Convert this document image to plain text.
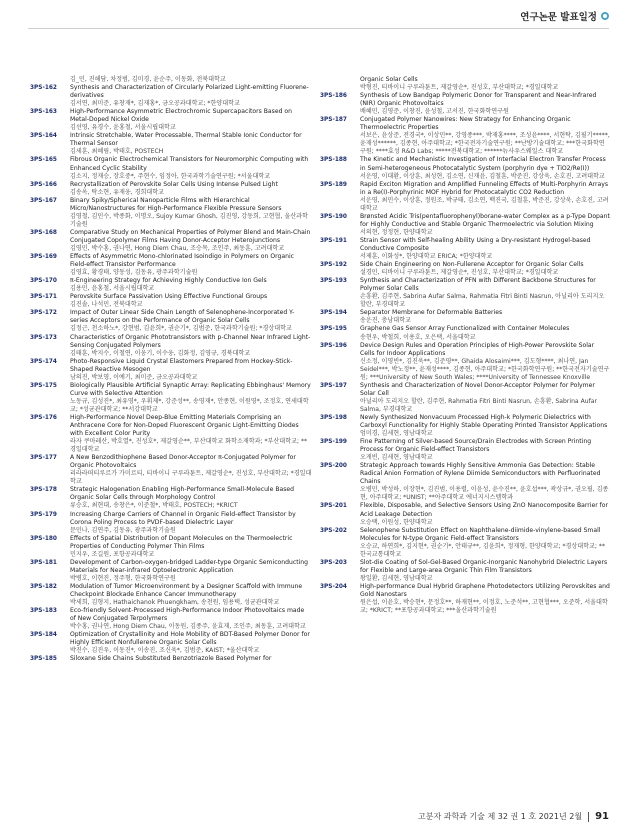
연구논문 발표일정
김_민, 진해담, 차정범, 김미경, 윤순주, 이동화, 전북대학교
3PS-162	Synthesis and Characterization of Circularly Polarized Light-emitting Fluorene-derivatives
김서연, 최미준, 유창재*, 김재홍*, 금오공과대학교; *한양대학교
3PS-163	High-Performance Asymmetric Electrochromic Supercapacitors Based on Metal-Doped Nickel Oxide
김선영, 유경수, 윤홍철, 서울시립대학교
3PS-164	Intrinsic Stretchable, Water Processable, Thermal Stable Ionic Conductor for Thermal Sensor
김세훈, 최혜림, 박태호, POSTECH
3PS-165	Fibrous Organic Electrochemical Transistors for Neuromorphic Computing with Enhanced Cyclic Stability
김소지, 정재승, 장호중*, 주현수, 임정아, 한국과학기술연구원; *서울대학교
3PS-166	Recrystallization of Perovskite Solar Cells Using Intense Pulsed Light
김송옥, 탁소현, 유재웅, 경희대학교
3PS-167	Binary Spiky/Spherical Nanoparticle Films with Hierarchical Micro/Nanostructures for High-Performance Flexible Pressure Sensors
김영철, 김민수, 박종화, 이명오, Sujoy Kumar Ghosh, 김진영, 강동희, 고현협, 울산과학기술원
3PS-168	Comparative Study on Mechanical Properties of Polymer Blend and Main-Chain Conjugated Copolymer Films Having Donor-Acceptor Heterojunctions
김영민, 박수홍, 권나연, Hong Diem Chau, 조승목, 조인주, 최동훈, 고려대학교
3PS-169	Effects of Asymmetric Mono-chlorinated Isoindigo in Polymers on Organic Field-effect Transistor Performance
김영효, 황경태, 양동성, 김동유, 광주과학기술원
3PS-170	π-Engineering Strategy for Achieving Highly Conductive Ion Gels
김용민, 윤홍철, 서울시립대학교
3PS-171	Perovskite Surface Passivation Using Effective Functional Groups
김진솔, 나석민, 전북대학교
3PS-172	Impact of Outer Linear Side Chain Length of Selenophene-Incorporated Y-series Acceptors on the Performance of Organic Solar Cells
김정근, 천소하노*, 강현범, 김윤희*, 권순기*, 김범준, 한국과학기술원; *경상대학교
3PS-173	Characteristics of Organic Phototransistors with p-Channel Near Infrared Light-Sensing Conjugated Polymers
김태훈, 박지수, 이철연, 이웅기, 이수웅, 김화정, 김영규, 경북대학교
3PS-174	Photo-Responsive Liquid Crystal Elastomers Prepared from Hockey-Stick-Shaped Reactive Mesogen
남의진, 박보영, 이예기, 최미준, 금오공과대학교
3PS-175	Biologically Plausible Artificial Synaptic Array: Replicating Ebbinghaus' Memory Curve with Selective Attention
노동규, 김성진*, 최유영*, 우휘제*, 강준성**, 송영재*, 안종현, 이원영*, 조정호, 연세대학교; *성균관대학교; **서강대학교
3PS-176	High-Performance Novel Deep-Blue Emitting Materials Comprising an Anthracene Core for Non-Doped Fluorescent Organic Light-Emitting Diodes with Excellent Color Purity
라자 쿠마레산, 박호열*, 진성호*, 제갈영순**, 부산대학교 화학소재학과; *부산대학교; **경일대학교
3PS-177	A New Benzodithiophene Based Donor-Acceptor π-Conjugated Polymer for Organic Photovoltaics
리라라떠티루르가 가미르티, 티바이니 구루라툰트, 제갈영순*, 진성호, 부산대학교; *경일대학교
3PS-178	Strategic Halogenation Enabling High-Performance Small-Molecule Based Organic Solar Cells through Morphology Control
류승호, 최현대, 송창은*, 이준철*, 박태호, POSTECH; *KRICT
3PS-179	Increasing Charge Carriers of Channel in Organic Field-effect Transistor by Corona Poling Process to PVDF-based Dielectric Layer
문민나, 김연주, 김동유, 광주과학기술원
3PS-180	Effects of Spatial Distribution of Dopant Molecules on the Thermoelectric Properties of Conducting Polymer Thin Films
민지우, 조길원, 포항공과대학교
3PS-181	Development of Carbon-oxygen-bridged Ladder-type Organic Semiconducting Materials for Near-infrared Optoelectronic Application
박병호, 이현진, 정주형, 한국화학연구원
3PS-182	Modulation of Tumor Microenvironment by a Designer Scaffold with Immune Checkpoint Blockade Enhance Cancer Immunotherapy
박세희, 김형지, Hathaichanok Phuengkham, 송천원, 임용택, 성균관대학교
3PS-183	Eco-friendly Solvent-Processed High-Performance Indoor Photovoltaics made of New Conjugated Terpolymers
박수홍, 권나연, Hong Diem Chau, 이동원, 김종주, 윤효재, 조인주, 최동훈, 고려대학교
3PS-184	Optimization of Crystallinity and Hole Mobility of BDT-Based Polymer Donor for Highly Efficient Nonfullerene Organic Solar Cells
박진수, 김진우, 이동진*, 이송진, 조신욱*, 김범준, KAIST; *울산대학교
3PS-185	Siloxane Side Chains Substituted Benzotriazole Based Polymer for
Organic Solar Cells
박형진, 티바이니 구루라툰트, 제갈영순*, 진성호, 부산대학교; *경일대학교
3PS-186	Synthesis of Low Bandgap Polymeric Donor for Transparent and Near-Infrared (NIR) Organic Photovoltaics
배혜민, 김영준, 이창진, 윤성철, 고서진, 한국화학연구원
3PS-187	Conjugated Polymer Nanowires: New Strategy for Enhancing Organic Thermoelectric Properties
서보은, 윤상준, 전경국*, 이상민**, 강영종***, 박재홍****, 조성윤****, 서현탁, 김필기*****, 윤재성******, 김종현, 아주대학교; *한국전자기술연구원; **난방기술대학교; ***한국화학연구원; ****효성 R&D Labs; *****전북대학교; ******뉴사우스웨일스 대학교
3PS-188	The Kinetic and Mechanistic Investigation of Interfacial Electron Transfer Process in Semi-heterogeneous Photocatalytic System (porphyrin dye + TiO2/Re(I))
서운영, 이대환, 이상훈, 최성현, 김소연, 신재윤, 김철훈, 박준진, 강상욱, 손호진, 고려대학교
3PS-189	Rapid Exciton Migration and Amplified Funneling Effects of Multi-Porphyrin Arrays in a Re(I)-Porphyrinic MOF Hybrid for Photocatalytic CO2 Reduction
서운영, 최민수, 이상훈, 정원조, 박규태, 김소연, 백진국, 김철훈, 박준진, 강상욱, 손호진, 고려대학교
3PS-190	Brønsted Acidic Tris(pentafluorophenyl)borane-water Complex as a p-Type Dopant for Highly Conductive and Stable Organic Thermoelectric via Solution Mixing
서의현, 정정현, 한양대학교
3PS-191	Strain Sensor with Self-healing Ability Using a Dry-resistant Hydrogel-based Conductive Composite
서제훈, 이화성*, 한양대학교 ERICA; *한양대학교
3PS-192	Side Chain Engineering on Non-Fullerene Acceptor for Organic Solar Cells
설경민, 티바이니 구루라툰트, 제갈영순*, 진성호, 부산대학교; *경일대학교
3PS-193	Synthesis and Characterization of PFN with Different Backbone Structures for Polymer Solar Cells
손흥환, 김주현, Sabrina Aufar Salma, Rahmatia Fitri Binti Nasrun, 아닐리아 도리지오 할란, 부경대학교
3PS-194	Separator Membrane for Deformable Batteries
송운진, 충남대학교
3PS-195	Graphene Gas Sensor Array Functionalized with Container Molecules
송현우, 박철희, 이용호, 오은택, 서울대학교
3PS-196	Device Design Rules and Operation Principles of High-Power Perovskite Solar Cells for Indoor Applications
신소정, 이영빈*, 김진욱**, 김준영**, Ghaida Alosaimi***, 김도형****, 최나연, Jan Seidel***, 박노정**, 윤재성****, 김종현, 아주대학교; *한국화학연구원; **한국전자기술연구원; ***University of New South Wales; ****University of Tennessee Knoxville
3PS-197	Synthesis and Characterization of Novel Donor-Acceptor Polymer for Polymer Solar Cell
아닐리아 도리지오 할란, 김주현, Rahmatia Fitri Binti Nasrun, 손흥환, Sabrina Aufar Salma, 부경대학교
3PS-198	Newly Synthesized Nonvacuum Processed High-k Polymeric Dielectrics with Carboxyl Functionality for Highly Stable Operating Printed Transistor Applications
엄미경, 김세현, 영남대학교
3PS-199	Fine Patterning of Silver-based Source/Drain Electrodes with Screen Printing Process for Organic Field-effect Transistors
오게빈, 김세현, 영남대학교
3PS-200	Strategic Approach towards Highly Sensitive Ammonia Gas Detection: Stable Radical Anion Formation of Rylene Diimide Semiconductors with Perfluorinated Chains
오병민, 박성하, 이장현*, 김진범, 이용렬, 이윤성, 윤수진**, 윤호섭***, 곽상규*, 권오필, 김종현, 아주대학교; *UNIST; **아주대학교 에너지시스템학과
3PS-201	Flexible, Disposable, and Selective Sensors Using ZnO Nanocomposite Barrier for Acid Leakage Detection
오승택, 이원성, 한양대학교
3PS-202	Selenophene Substitution Effect on Naphthalene-diimide-vinylene-based Small Molecules for N-type Organic Field-effect Transistors
오승교, 하연희*, 김지현*, 권순기*, 안태규**, 김윤희*, 정재형, 한양대학교; *경상대학교; **한국교통대학교
3PS-203	Slot-die Coating of Sol-Gel-Based Organic-Inorganic Nanohybrid Dielectric Layers for Flexible and Large-area Organic Thin Film Transistors
왕일환, 김세현, 영남대학교
3PS-204	High-performance Dual Hybrid Graphene Photodetectors Utilizing Perovskites and Gold Nanostars
원은섭, 이윤호, 박승현*, 문정호**, 하재현**, 이정호, 노준석**, 고현협***, 오준학, 서울대학교; *KRICT; **포항공과대학교; ***울산과학기술원
고분자 과학과 기술 제 32 권 1 호 2021년 2월 91
